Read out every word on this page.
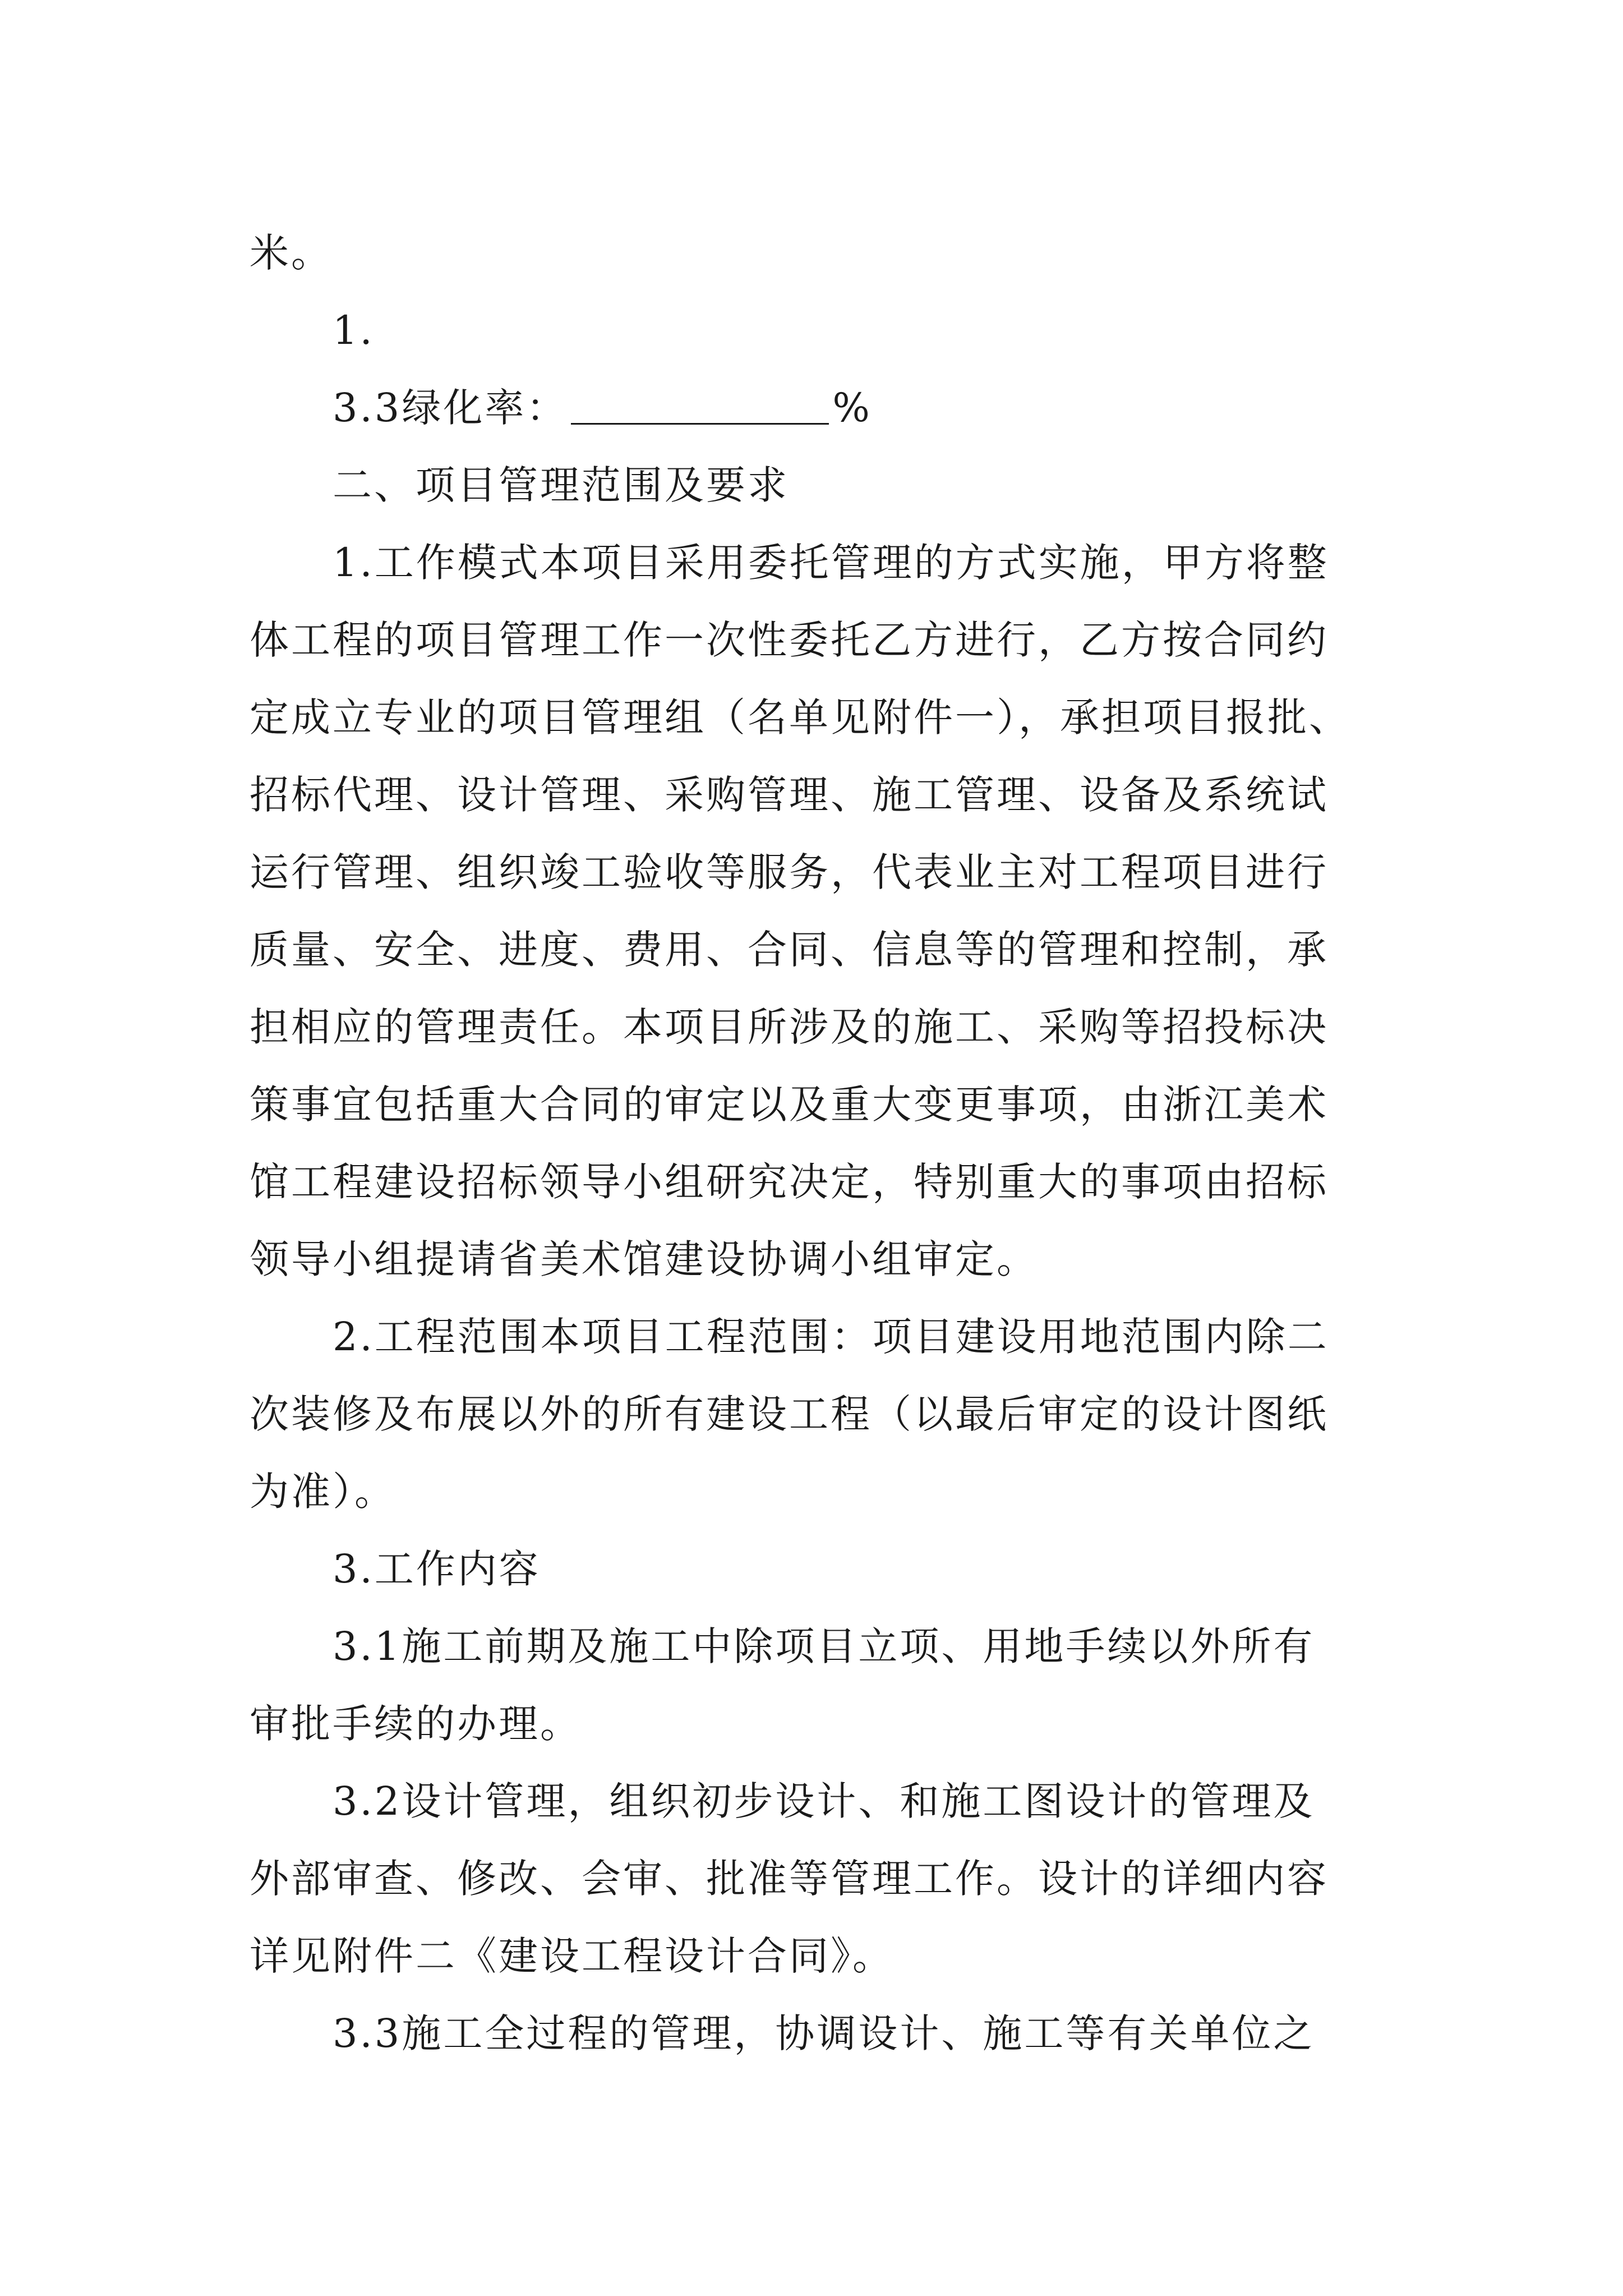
米。
1.
3.3绿化率：	%
二、项目管理范围及要求
1.工作模式本项目采用委托管理的方式实施，甲方将整
体工程的项目管理工作一次性委托乙方进行，乙方按合同约
定成立专业的项目管理组（名单见附件一），承担项目报批、
招标代理、设计管理、采购管理、施工管理、设备及系统试
运行管理、组织竣工验收等服务，代表业主对工程项目进行
质量、安全、进度、费用、合同、信息等的管理和控制，承
担相应的管理责任。本项目所涉及的施工、采购等招投标决
策事宜包括重大合同的审定以及重大变更事项，由浙江美术
馆工程建设招标领导小组研究决定，特别重大的事项由招标
领导小组提请省美术馆建设协调小组审定。
2.工程范围本项目工程范围：项目建设用地范围内除二
次装修及布展以外的所有建设工程（以最后审定的设计图纸
为准）。
3.工作内容
3.1施工前期及施工中除项目立项、用地手续以外所有
审批手续的办理。
3.2设计管理，组织初步设计、和施工图设计的管理及
外部审查、修改、会审、批准等管理工作。设计的详细内容
详见附件二《建设工程设计合同》。
3.3施工全过程的管理，协调设计、施工等有关单位之
